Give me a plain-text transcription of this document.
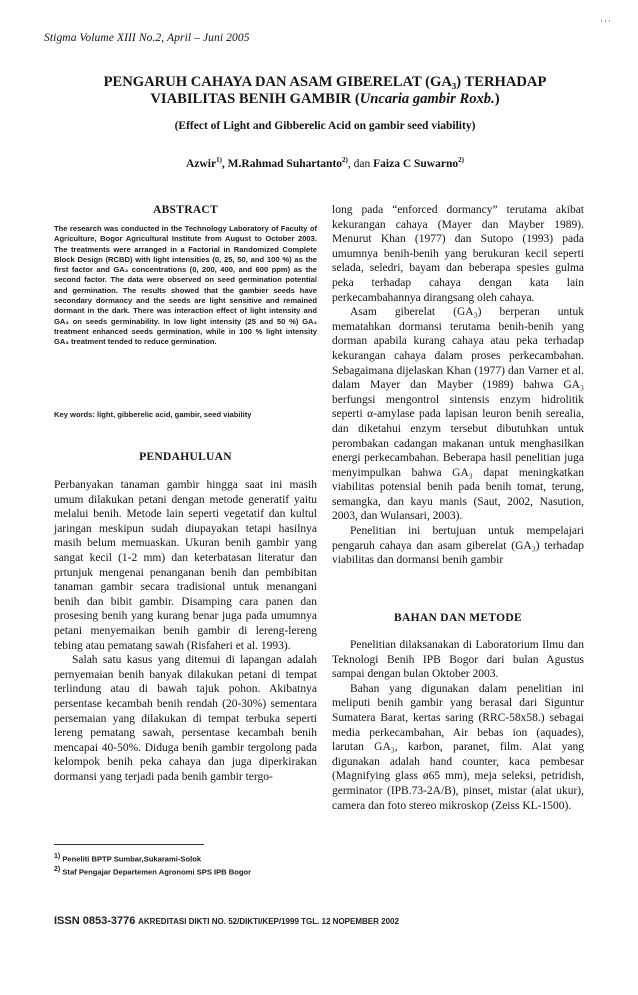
Stigma Volume XIII No.2, April – Juni 2005
···
PENGARUH CAHAYA DAN ASAM GIBERELAT (GA₃) TERHADAP
VIABILITAS BENIH GAMBIR (Uncaria gambir Roxb.)
(Effect of Light and Gibberelic Acid on gambir seed viability)
Azwir$^{1)}$, M.Rahmad Suhartanto$^{2)}$, dan Faiza C Suwarno$^{2)}$
ABSTRACT
The research was conducted in the Technology Laboratory of Faculty of Agriculture, Bogor Agricultural Institute from August to October 2003. The treatments were arranged in a Factorial in Randomized Complete Block Design (RCBD) with light intensities (0, 25, 50, and 100 %) as the first factor and GA₃ concentrations (0, 200, 400, and 600 ppm) as the second factor. The data were observed on seed germination potential and germination. The results showed that the gambier seeds have secondary dormancy and the seeds are light sensitive and remained dormant in the dark. There was interaction effect of light intensity and GA₃ on seeds germinability. In low light intensity (25 and 50 %) GA₃ treatment enhanced seeds germination, while in 100 % light intensity GA₃ treatment tended to reduce germination.
Key words: light, gibberelic acid, gambir, seed viability
PENDAHULUAN

Perbanyakan tanaman gambir hingga saat ini masih umum dilakukan petani dengan metode generatif yaitu melalui benih. Metode lain seperti vegetatif dan kultul jaringan meskipun sudah diupayakan tetapi hasilnya masih belum memuaskan. Ukuran benih gambir yang sangat kecil (1-2 mm) dan keterbatasan literatur dan prtunjuk mengenai penanganan benih dan pembibitan tanaman gambir secara tradisional untuk menangani benih dan bibit gambir. Disamping cara panen dan prosesing benih yang kurang benar juga pada umumnya petani menyemaikan benih gambir di lereng-lereng tebing atau pematang sawah (Risfaheri et al. 1993).

Salah satu kasus yang ditemui di lapangan adalah pernyemaian benih banyak dilakukan petani di tempat terlindung atau di bawah tajuk pohon. Akibatnya persentase kecambah benih rendah (20-30%) sementara persemaian yang dilakukan di tempat terbuka seperti lereng pematang sawah, persentase kecambah benih mencapai 40-50%. Diduga benih gambir tergolong pada kelompok benih peka cahaya dan juga diperkirakan dormansi yang terjadi pada benih gambir tergo-

long pada “enforced dormancy” terutama akibat kekurangan cahaya (Mayer dan Mayber 1989). Menurut Khan (1977) dan Sutopo (1993) pada umumnya benih-benih yang berukuran kecil seperti selada, seledri, bayam dan beberapa spesies gulma peka terhadap cahaya dengan kata lain perkecambahannya dirangsang oleh cahaya.

Asam giberelat (GA₃) berperan untuk mematahkan dormansi terutama benih-benih yang dorman apabila kurang cahaya atau peka terhadap kekurangan cahaya dalam proses perkecambahan. Sebagaimana dijelaskan Khan (1977) dan Varner et al. dalam Mayer dan Mayber (1989) bahwa GA₃ berfungsi mengontrol sintensis enzym hidrolitik seperti α-amylase pada lapisan leuron benih serealia, dan diketahui enzym tersebut dibutuhkan untuk perombakan cadangan makanan untuk menghasilkan energi perkecambahan. Beberapa hasil penelitian juga menyimpulkan bahwa GA₃ dapat meningkatkan viabilitas potensial benih pada benih tomat, terung, semangka, dan kayu manis (Saut, 2002, Nasution, 2003, dan Wulansari, 2003).

Penelitian ini bertujuan untuk mempelajari pengaruh cahaya dan asam giberelat (GA₃) terhadap viabilitas dan dormansi benih gambir

BAHAN DAN METODE

Penelitian dilaksanakan di Laboratorium Ilmu dan Teknologi Benih IPB Bogor dari bulan Agustus sampai dengan bulan Oktober 2003.

Bahan yang digunakan dalam penelitian ini meliputi benih gambir yang berasal dari Siguntur Sumatera Barat, kertas saring (RRC-58x58.) sebagai media perkecambahan, Air bebas ion (aquades), larutan GA₃, karbon, paranet, film. Alat yang digunakan adalah hand counter, kaca pembesar (Magnifying glass ø65 mm), meja seleksi, petridish, germinator (IPB.73-2A/B), pinset, mistar (alat ukur), camera dan foto stereo mikroskop (Zeiss KL-1500).

$^{1)}$ Peneliti BPTP Sumbar,Sukarami-Solok
$^{2)}$ Staf Pengajar Departemen Agronomi SPS IPB Bogor
ISSN 0853-3776 AKREDITASI DIKTI NO. 52/DIKTI/KEP/1999 TGL. 12 NOPEMBER 2002
